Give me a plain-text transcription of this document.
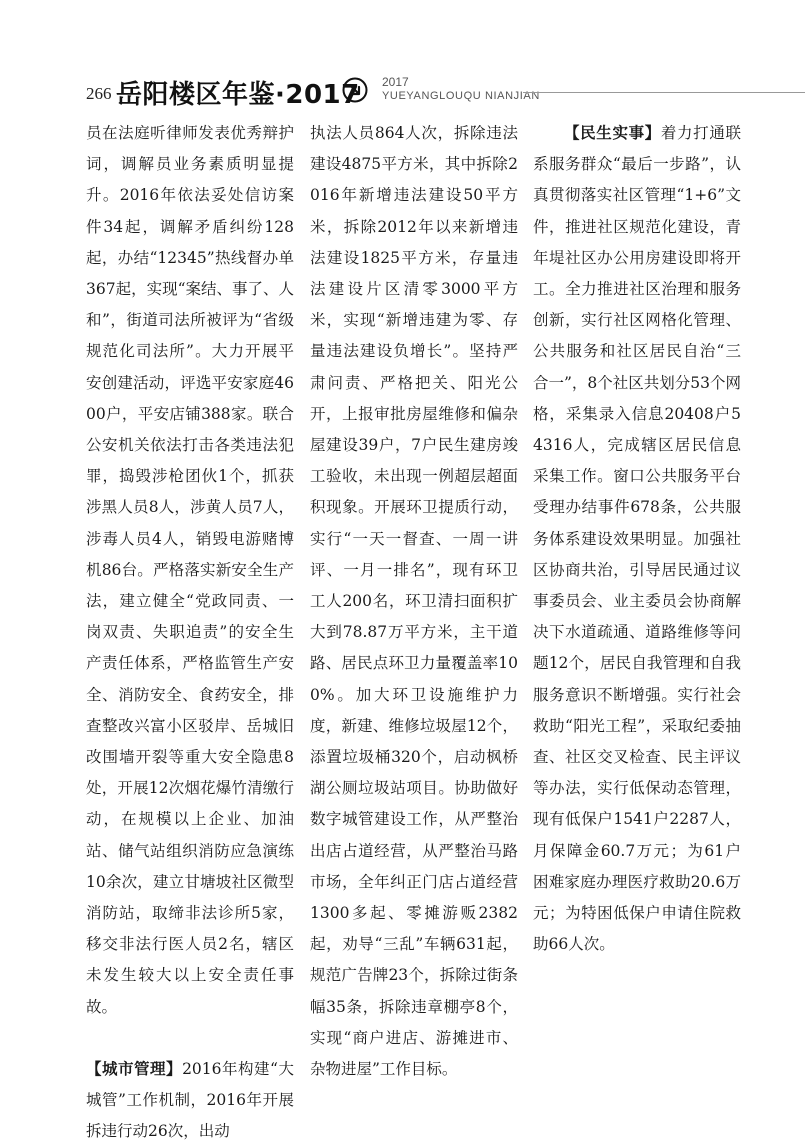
266 岳阳楼区年鉴·2017 2017
YUEYANGLOUQU NIANJIAN

员在法庭听律师发表优秀辩护词，调解员业务素质明显提升。2016年依法妥处信访案件34起，调解矛盾纠纷128起，办结“12345”热线督办单367起，实现“案结、事了、人和”，街道司法所被评为“省级规范化司法所”。大力开展平安创建活动，评选平安家庭4600户，平安店铺388家。联合公安机关依法打击各类违法犯罪，捣毁涉枪团伙1个，抓获涉黑人员8人，涉黄人员7人，涉毒人员4人，销毁电游赌博机86台。严格落实新安全生产法，建立健全“党政同责、一岗双责、失职追责”的安全生产责任体系，严格监管生产安全、消防安全、食药安全，排查整改兴富小区驳岸、岳城旧改围墙开裂等重大安全隐患8处，开展12次烟花爆竹清缴行动，在规模以上企业、加油站、储气站组织消防应急演练10余次，建立甘塘坡社区微型消防站，取缔非法诊所5家，移交非法行医人员2名，辖区未发生较大以上安全责任事故。

【城市管理】2016年构建“大城管”工作机制，2016年开展拆违行动26次，出动

执法人员864人次，拆除违法建设4875平方米，其中拆除2016年新增违法建设50平方米，拆除2012年以来新增违法建设1825平方米，存量违法建设片区清零3000平方米，实现“新增违建为零、存量违法建设负增长”。坚持严肃问责、严格把关、阳光公开，上报审批房屋维修和偏杂屋建设39户，7户民生建房竣工验收，未出现一例超层超面积现象。开展环卫提质行动，实行“一天一督查、一周一讲评、一月一排名”，现有环卫工人200名，环卫清扫面积扩大到78.87万平方米，主干道路、居民点环卫力量覆盖率100%。加大环卫设施维护力度，新建、维修垃圾屋12个，添置垃圾桶320个，启动枫桥湖公厕垃圾站项目。协助做好数字城管建设工作，从严整治出店占道经营，从严整治马路市场，全年纠正门店占道经营1300多起、零摊游贩2382起，劝导“三乱”车辆631起，规范广告牌23个，拆除过街条幅35条，拆除违章棚亭8个，实现“商户进店、游摊进市、杂物进屋”工作目标。

【民生实事】着力打通联系服务群众“最后一步路”，认真贯彻落实社区管理“1+6”文件，推进社区规范化建设，青年堤社区办公用房建设即将开工。全力推进社区治理和服务创新，实行社区网格化管理、公共服务和社区居民自治“三合一”，8个社区共划分53个网格，采集录入信息20408户54316人，完成辖区居民信息采集工作。窗口公共服务平台受理办结事件678条，公共服务体系建设效果明显。加强社区协商共治，引导居民通过议事委员会、业主委员会协商解决下水道疏通、道路维修等问题12个，居民自我管理和自我服务意识不断增强。实行社会救助“阳光工程”，采取纪委抽查、社区交叉检查、民主评议等办法，实行低保动态管理，现有低保户1541户2287人，月保障金60.7万元；为61户困难家庭办理医疗救助20.6万元；为特困低保户申请住院救助66人次。
